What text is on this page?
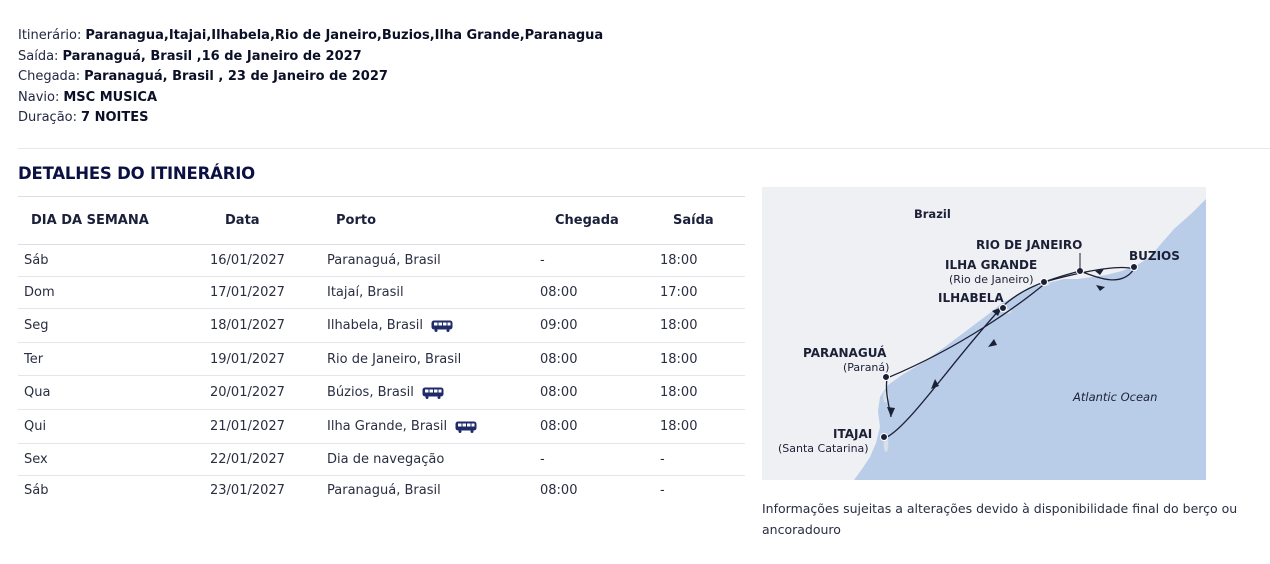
Itinerário: Paranagua,Itajai,Ilhabela,Rio de Janeiro,Buzios,Ilha Grande,Paranagua
Saída: Paranaguá, Brasil ,16 de Janeiro de 2027
Chegada: Paranaguá, Brasil , 23 de Janeiro de 2027
Navio: MSC MUSICA
Duração: 7 NOITES
DETALHES DO ITINERÁRIO
DIA DA SEMANA	Data	Porto	Chegada	Saída
Sáb	16/01/2027	Paranaguá, Brasil	-	18:00
Dom	17/01/2027	Itajaí, Brasil	08:00	17:00
Seg	18/01/2027	Ilhabela, Brasil	09:00	18:00
Ter	19/01/2027	Rio de Janeiro, Brasil	08:00	18:00
Qua	20/01/2027	Búzios, Brasil	08:00	18:00
Qui	21/01/2027	Ilha Grande, Brasil	08:00	18:00
Sex	22/01/2027	Dia de navegação	-	-
Sáb	23/01/2027	Paranaguá, Brasil	08:00	-
Brazil
Atlantic Ocean
RIO DE JANEIRO
BUZIOS
ILHA GRANDE
(Rio de Janeiro)
ILHABELA
PARANAGUÁ
(Paraná)
ITAJAI
(Santa Catarina)
Informações sujeitas a alterações devido à disponibilidade final do berço ou ancoradouro
